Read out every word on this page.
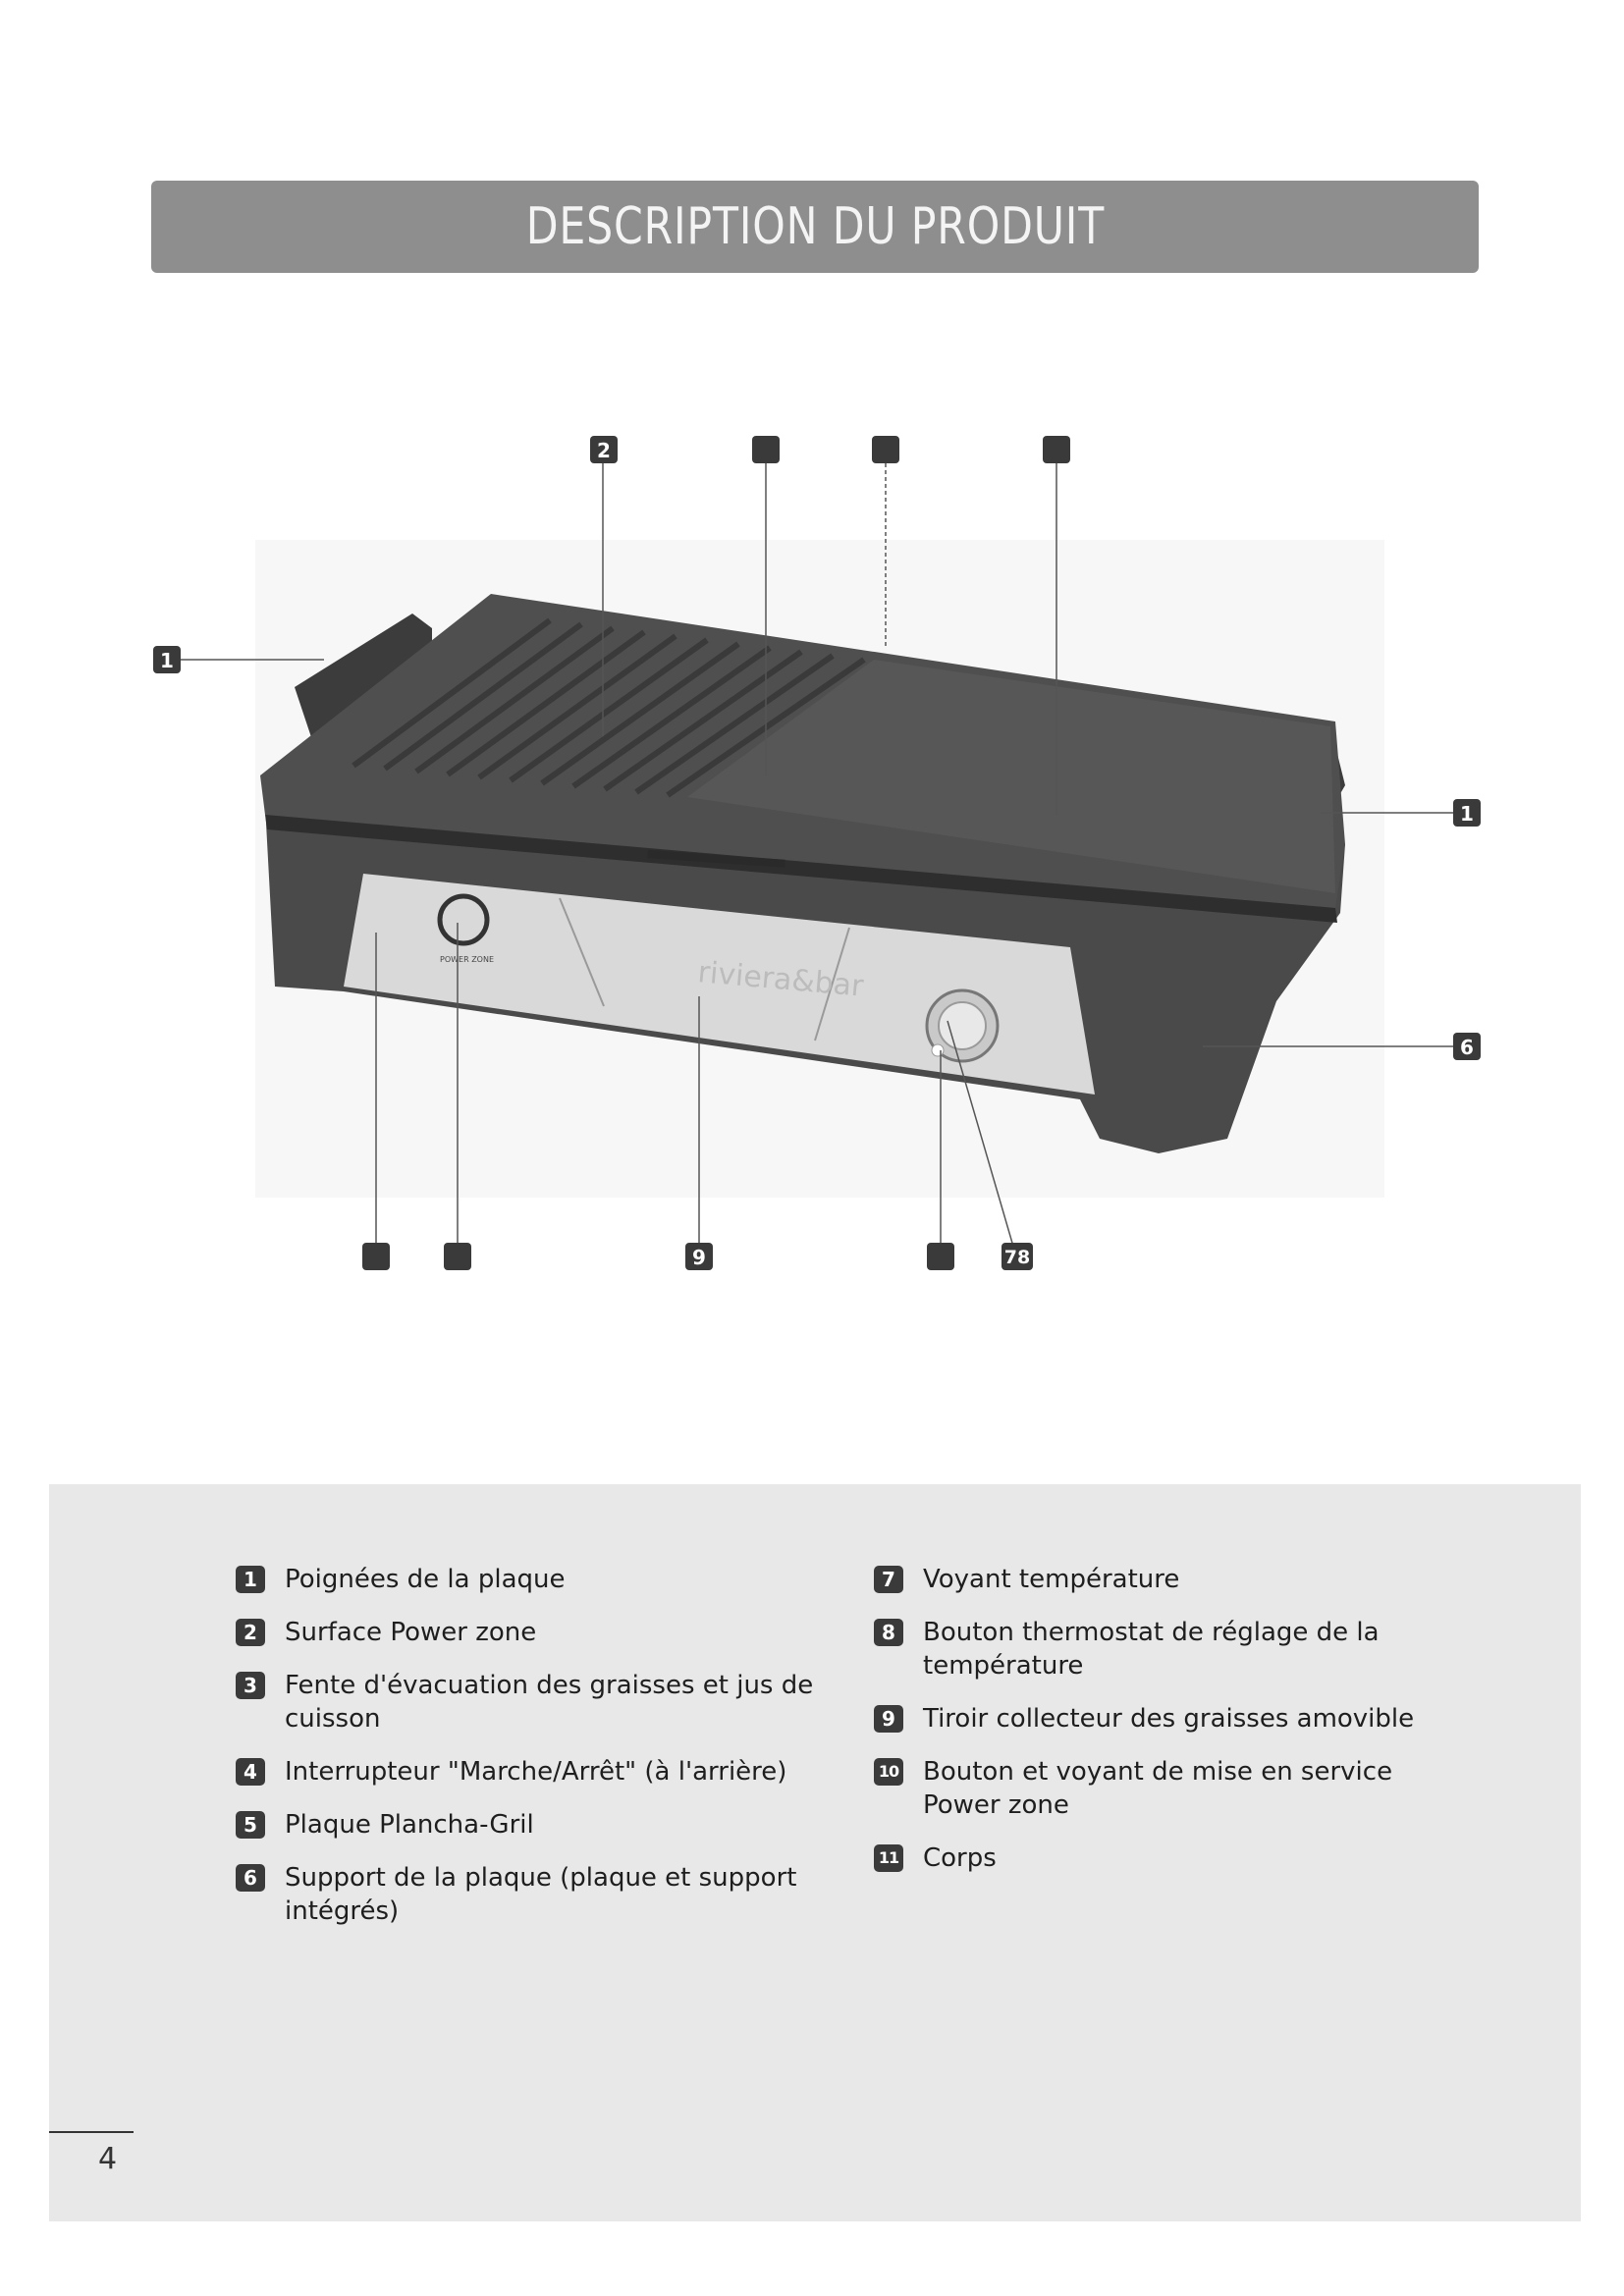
DESCRIPTION DU PRODUIT
riviera&bar
POWER ZONE
1
2
1
6
9	78
1	Poignées de la plaque
2	Surface Power zone
3	Fente d'évacuation des graisses et jus de cuisson
4	Interrupteur "Marche/Arrêt" (à l'arrière)
5	Plaque Plancha-Gril
6	Support de la plaque (plaque et support intégrés)
7	Voyant température
8	Bouton thermostat de réglage de la température
9	Tiroir collecteur des graisses amovible
10 Bouton et voyant de mise en service Power zone
11 Corps
4
